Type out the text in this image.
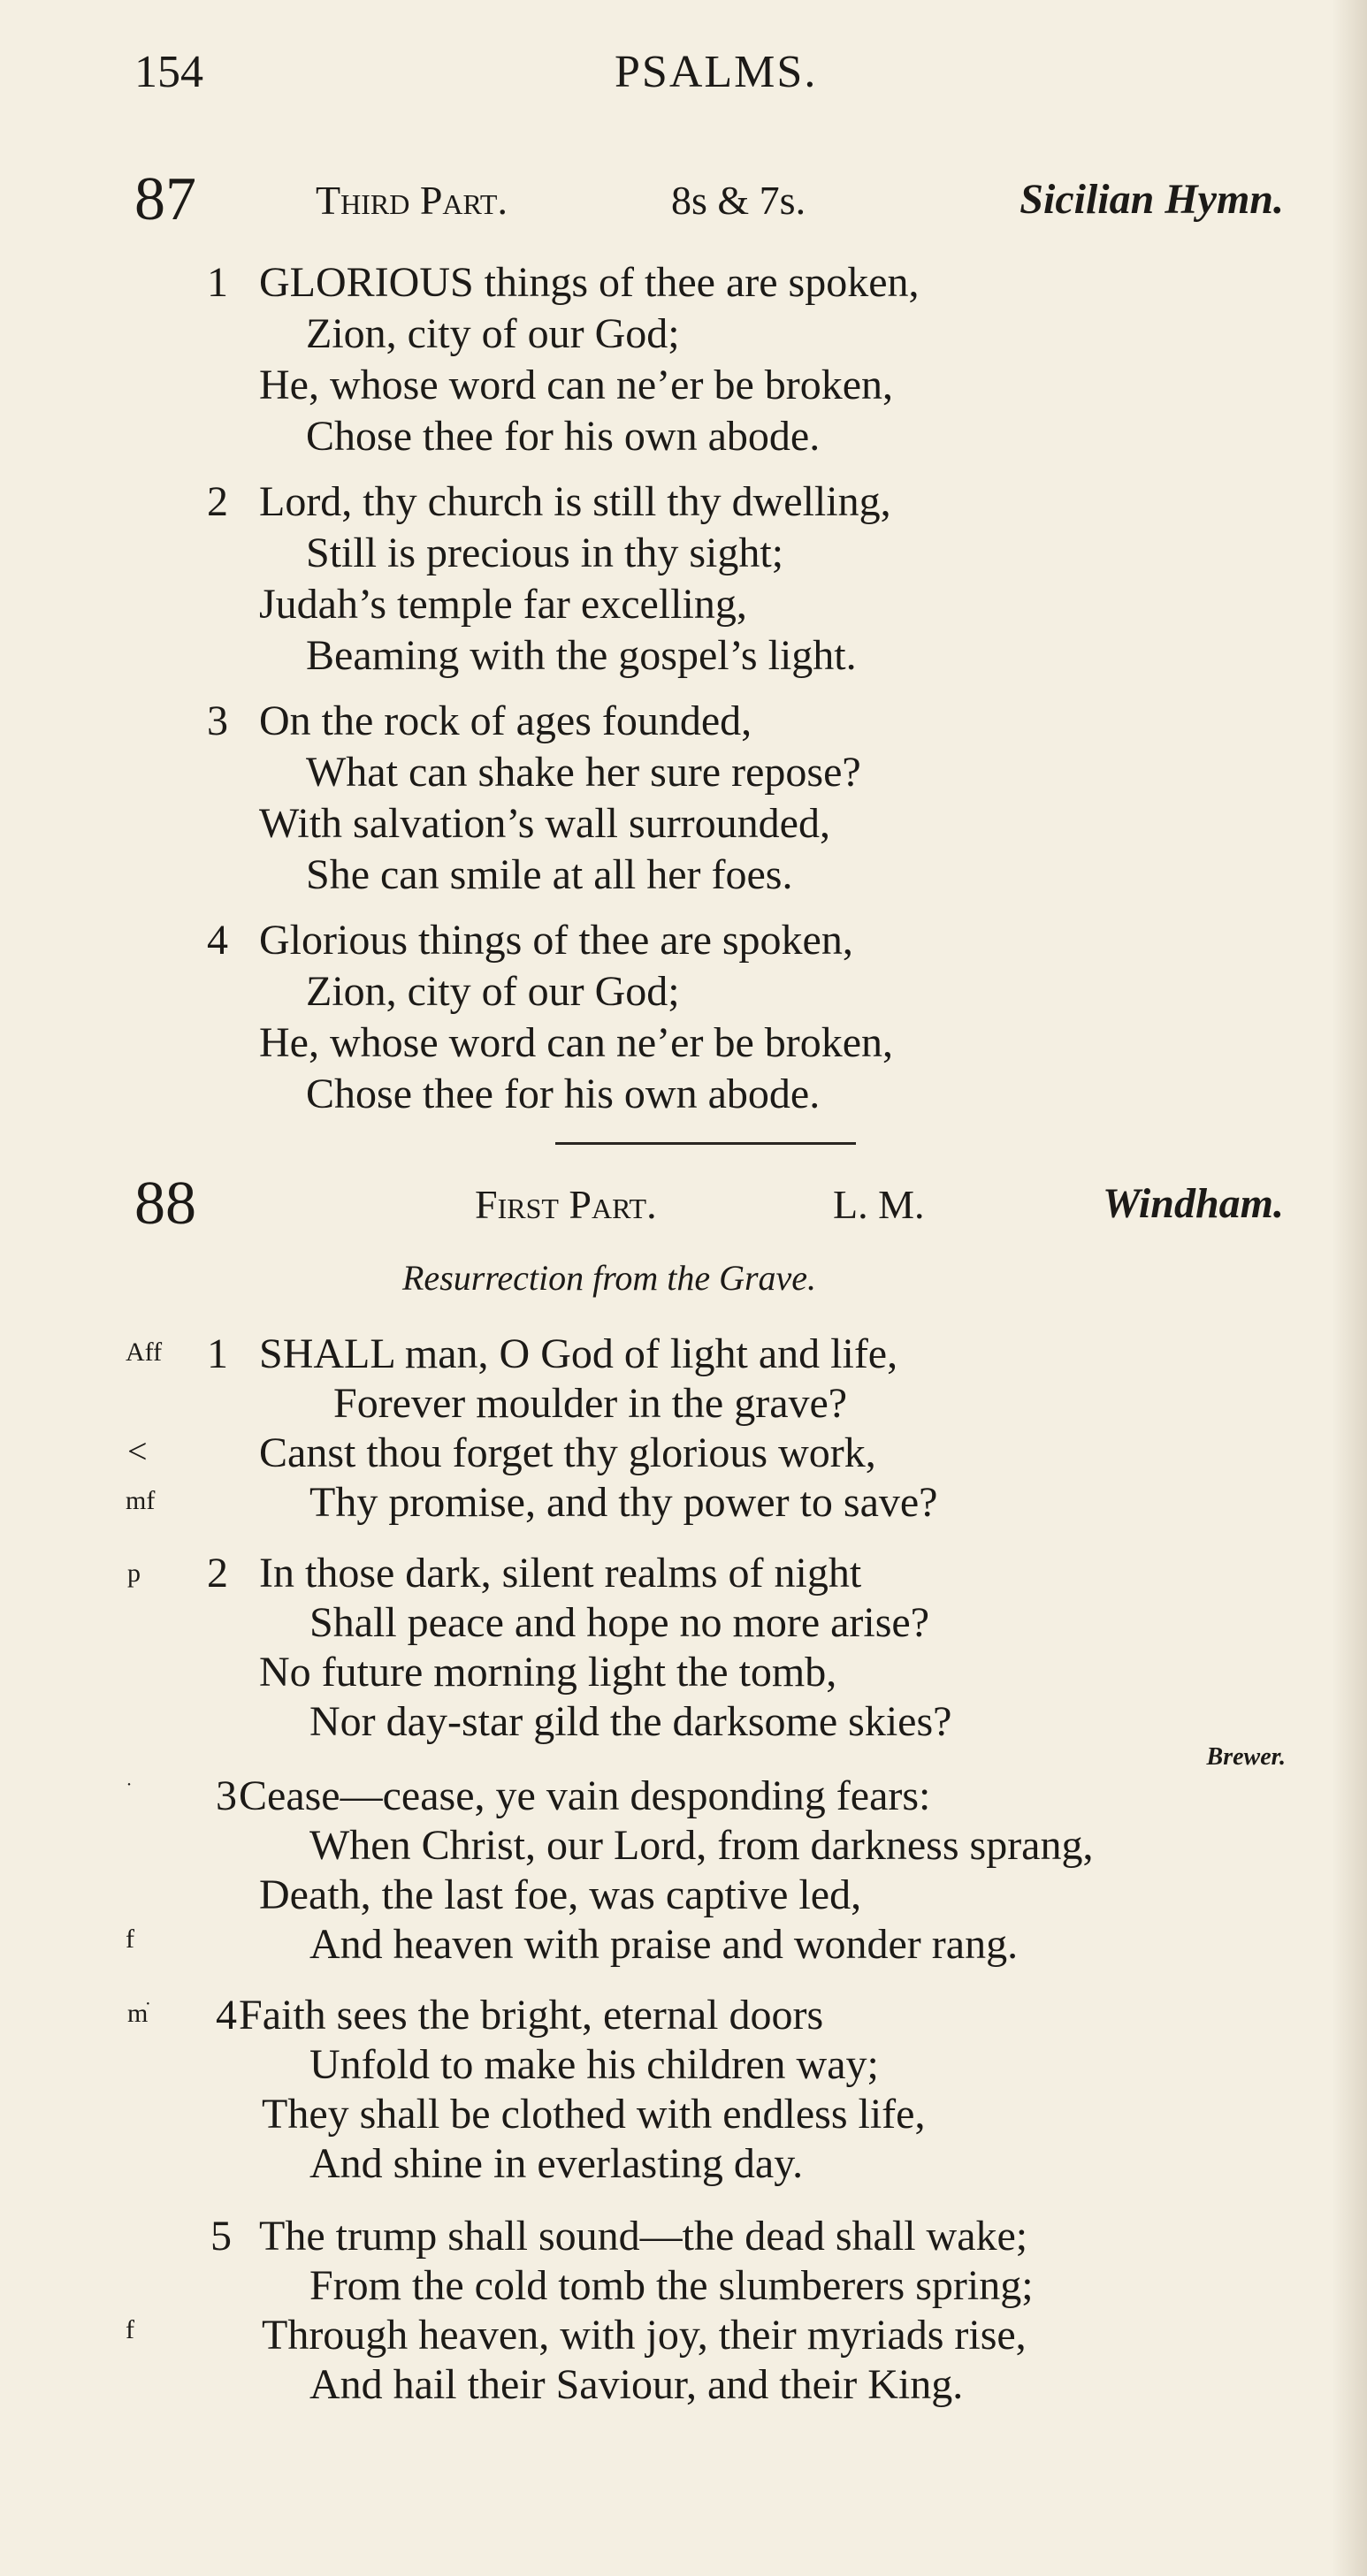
154	PSALMS.
87	Third Part.	8s & 7s.	Sicilian Hymn.
1 GLORIOUS things of thee are spoken,
Zion, city of our God;
He, whose word can ne’er be broken,
Chose thee for his own abode.
2 Lord, thy church is still thy dwelling,
Still is precious in thy sight;
Judah’s temple far excelling,
Beaming with the gospel’s light.
3 On the rock of ages founded,
What can shake her sure repose?
With salvation’s wall surrounded,
She can smile at all her foes.
4 Glorious things of thee are spoken,
Zion, city of our God;
He, whose word can ne’er be broken,
Chose thee for his own abode.
88	First Part.	L. M.	Windham.
Resurrection from the Grave.
Aff 1 SHALL man, O God of light and life,
Forever moulder in the grave?
<	Canst thou forget thy glorious work,
mf	Thy promise, and thy power to save?
p 2 In those dark, silent realms of night
Shall peace and hope no more arise?
No future morning light the tomb,
Nor day-star gild the darksome skies?
Brewer.
ׁ ׁ 3 Cease—cease, ye vain desponding fears:
When Christ, our Lord, from darkness sprang,
Death, the last foe, was captive led,
f	And heaven with praise and wonder rang.
mׁ ׁ 4 Faith sees the bright, eternal doors
Unfold to make his children way;
They shall be clothed with endless life,
And shine in everlasting day.
5 The trump shall sound—the dead shall wake;
From the cold tomb the slumberers spring;
f	Through heaven, with joy, their myriads rise,
And hail their Saviour, and their King.
